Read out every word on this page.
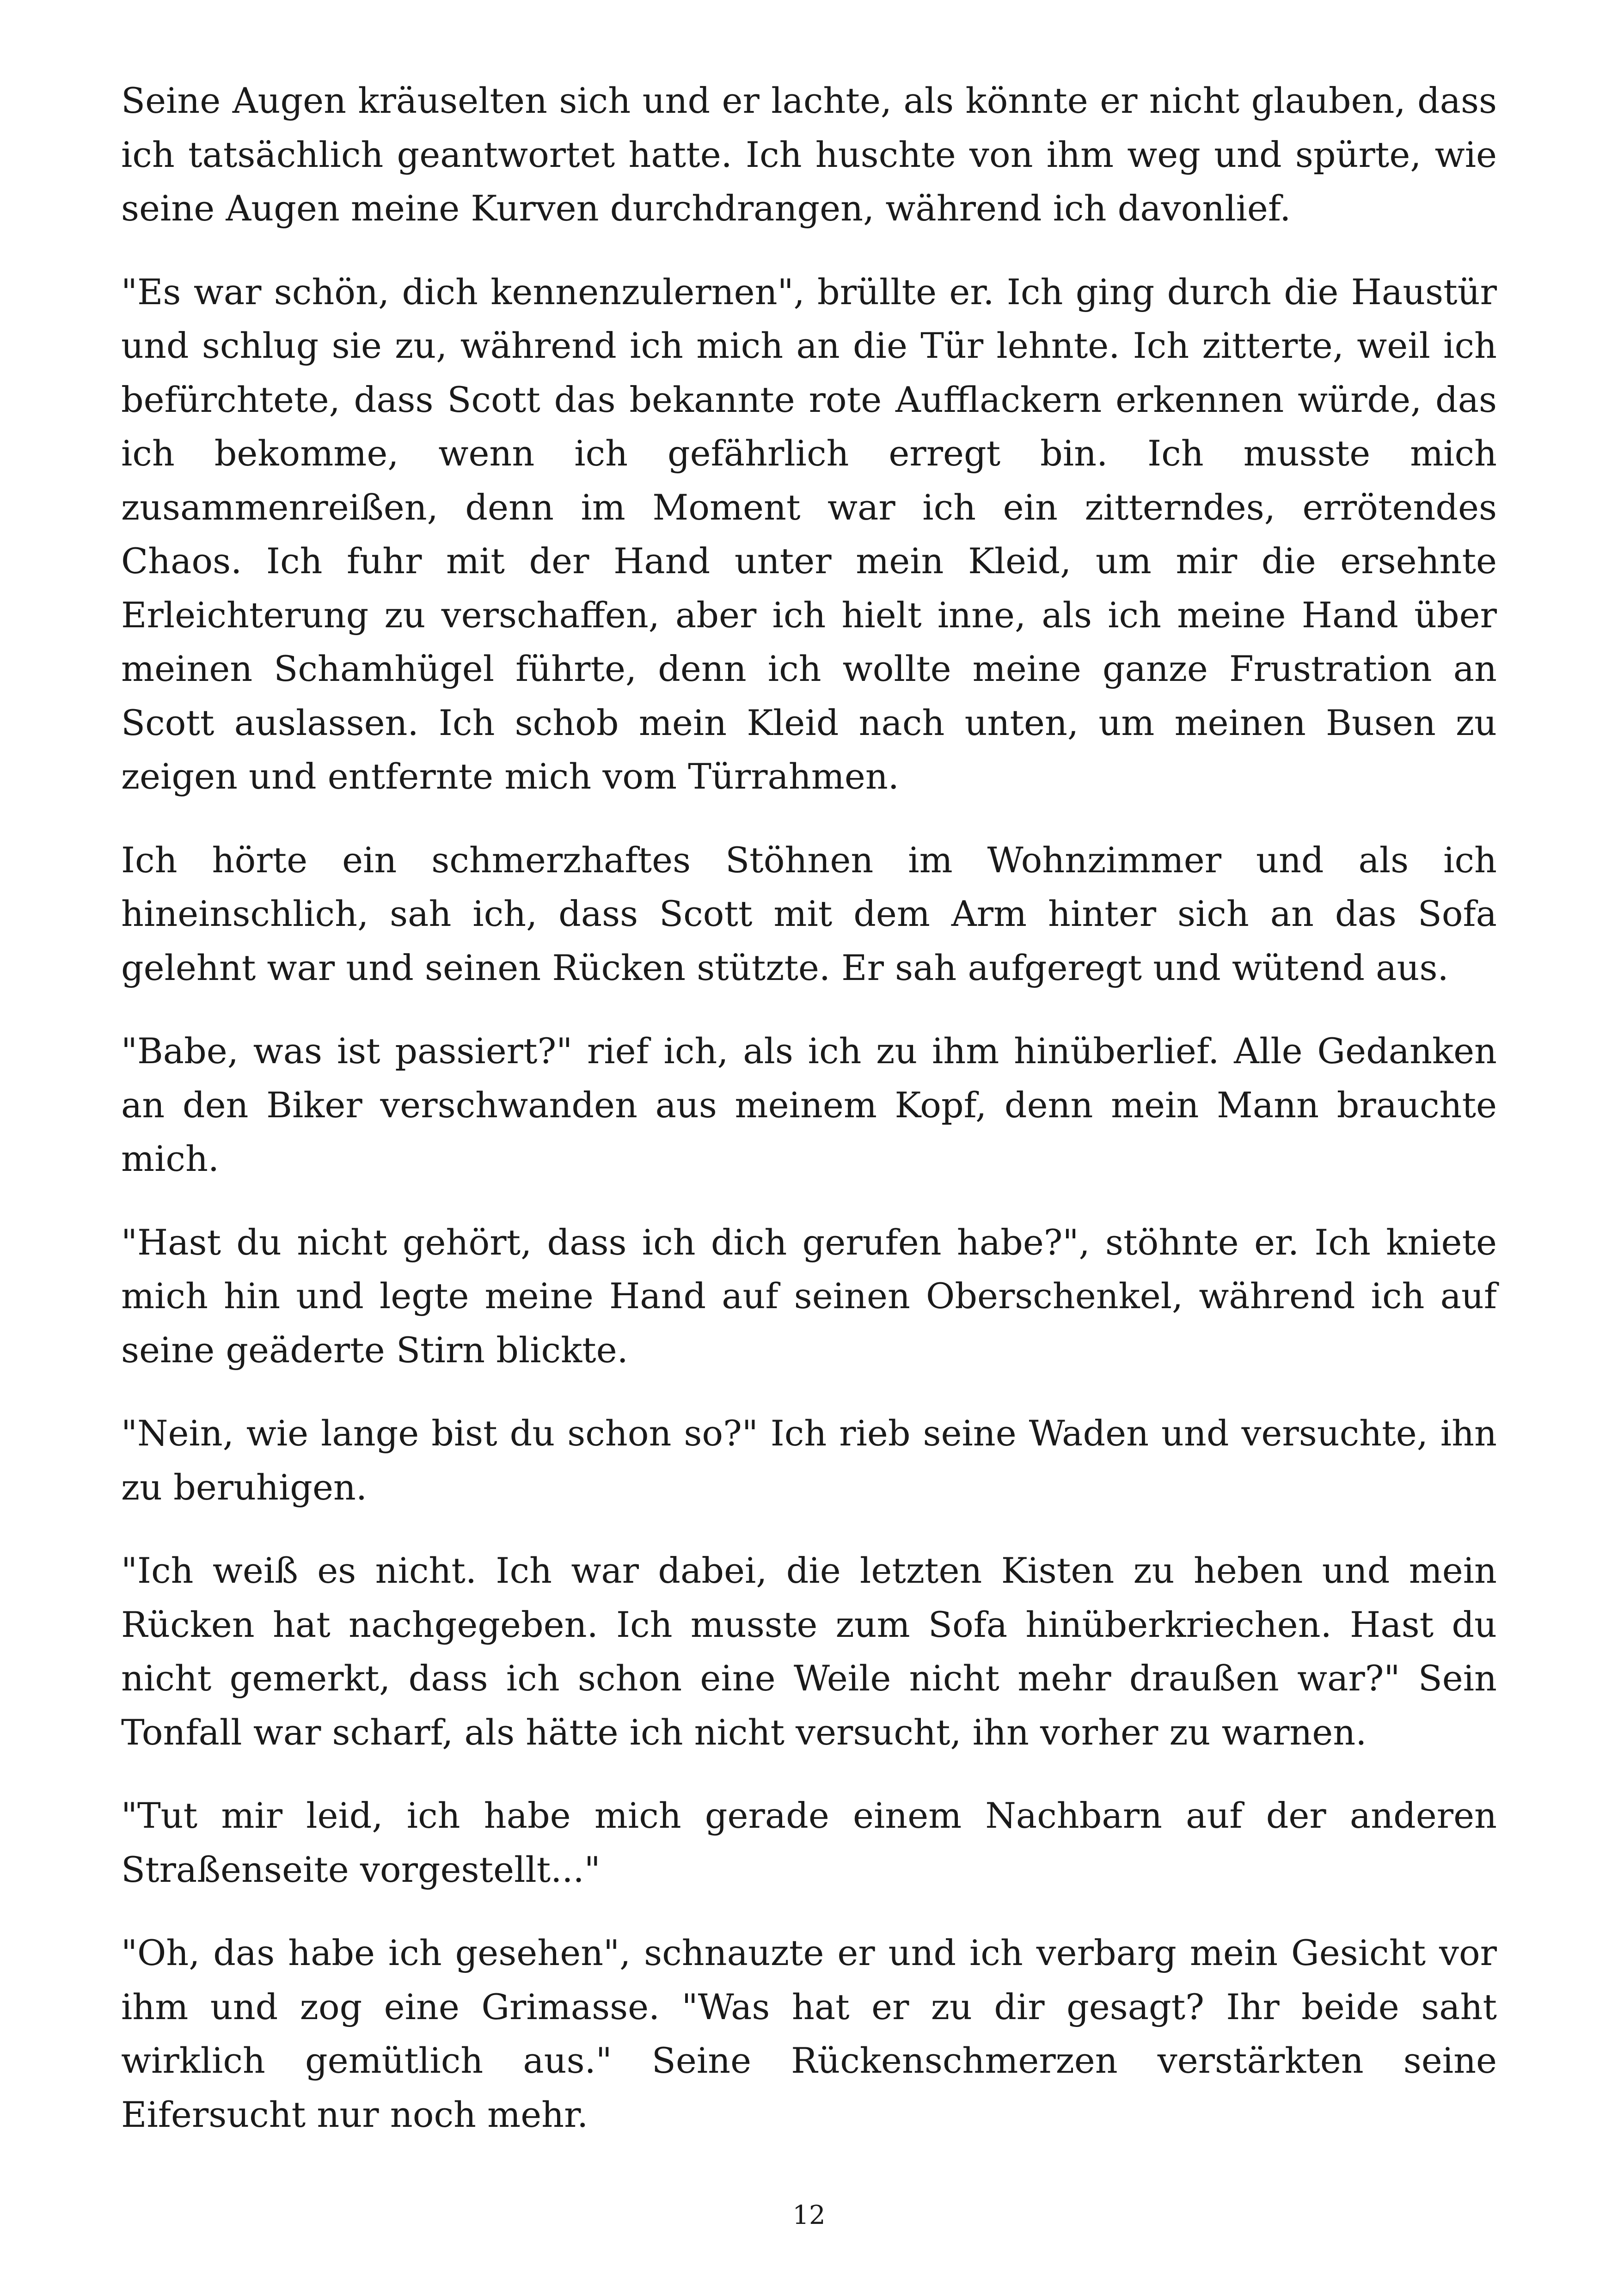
Seine Augen kräuselten sich und er lachte, als könnte er nicht glauben, dass ich tatsächlich geantwortet hatte. Ich huschte von ihm weg und spürte, wie seine Augen meine Kurven durchdrangen, während ich davonlief.

"Es war schön, dich kennenzulernen", brüllte er. Ich ging durch die Haustür und schlug sie zu, während ich mich an die Tür lehnte. Ich zitterte, weil ich befürchtete, dass Scott das bekannte rote Aufflackern erkennen würde, das ich bekomme, wenn ich gefährlich erregt bin. Ich musste mich zusammenreißen, denn im Moment war ich ein zitterndes, errötendes Chaos. Ich fuhr mit der Hand unter mein Kleid, um mir die ersehnte Erleichterung zu verschaffen, aber ich hielt inne, als ich meine Hand über meinen Schamhügel führte, denn ich wollte meine ganze Frustration an Scott auslassen. Ich schob mein Kleid nach unten, um meinen Busen zu zeigen und entfernte mich vom Türrahmen.

Ich hörte ein schmerzhaftes Stöhnen im Wohnzimmer und als ich hineinschlich, sah ich, dass Scott mit dem Arm hinter sich an das Sofa gelehnt war und seinen Rücken stützte. Er sah aufgeregt und wütend aus.

"Babe, was ist passiert?" rief ich, als ich zu ihm hinüberlief. Alle Gedanken an den Biker verschwanden aus meinem Kopf, denn mein Mann brauchte mich.

"Hast du nicht gehört, dass ich dich gerufen habe?", stöhnte er. Ich kniete mich hin und legte meine Hand auf seinen Oberschenkel, während ich auf seine geäderte Stirn blickte.

"Nein, wie lange bist du schon so?" Ich rieb seine Waden und versuchte, ihn zu beruhigen.

"Ich weiß es nicht. Ich war dabei, die letzten Kisten zu heben und mein Rücken hat nachgegeben. Ich musste zum Sofa hinüberkriechen. Hast du nicht gemerkt, dass ich schon eine Weile nicht mehr draußen war?" Sein Tonfall war scharf, als hätte ich nicht versucht, ihn vorher zu warnen.

"Tut mir leid, ich habe mich gerade einem Nachbarn auf der anderen Straßenseite vorgestellt..."

"Oh, das habe ich gesehen", schnauzte er und ich verbarg mein Gesicht vor ihm und zog eine Grimasse. "Was hat er zu dir gesagt? Ihr beide saht wirklich gemütlich aus." Seine Rückenschmerzen verstärkten seine Eifersucht nur noch mehr.

12
